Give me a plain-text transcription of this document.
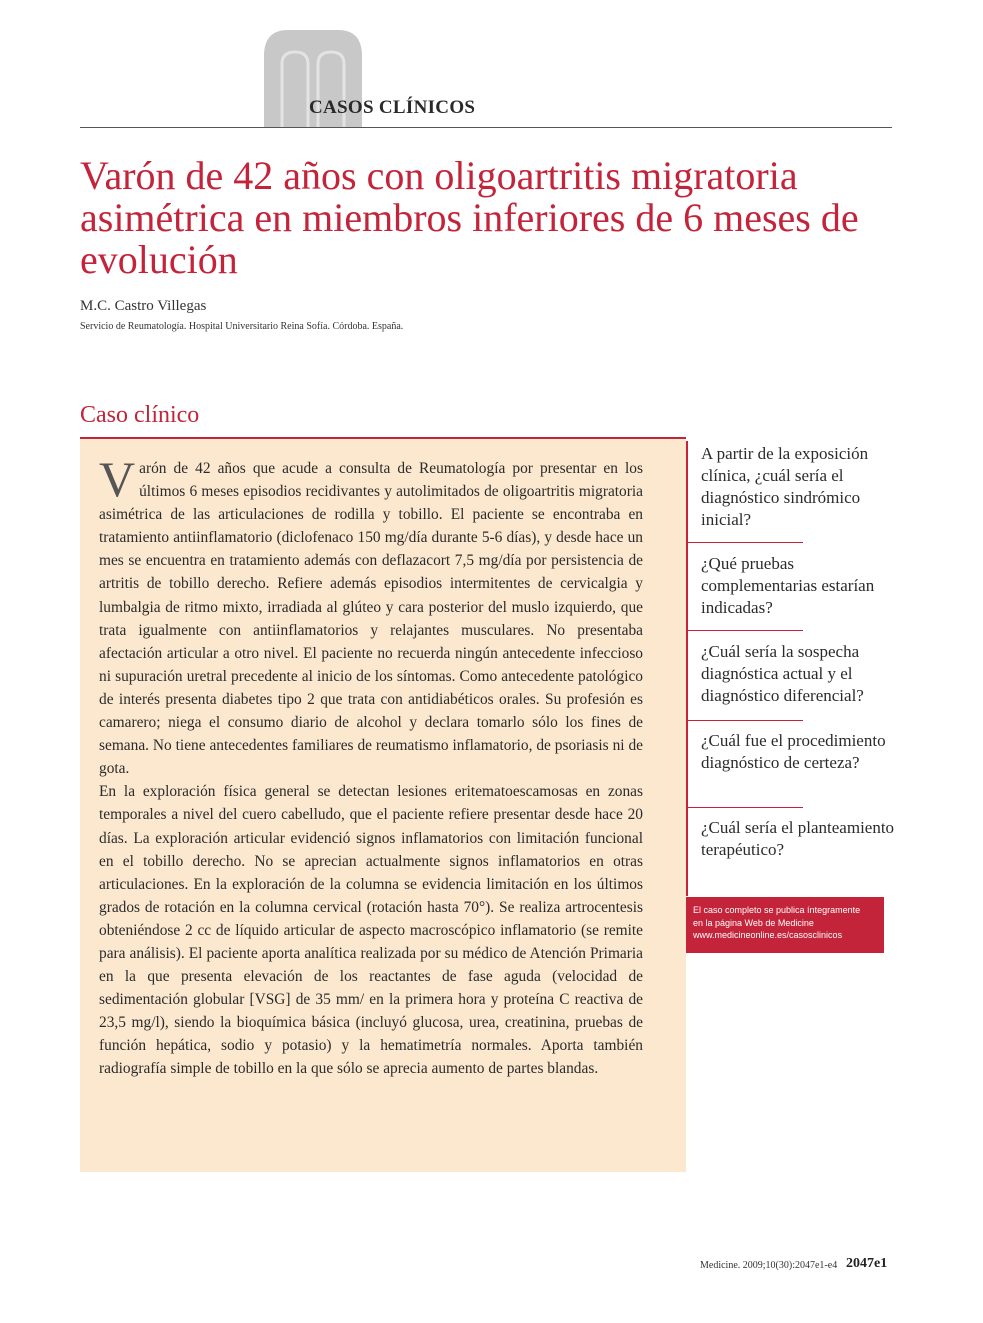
CASOS CLÍNICOS
Varón de 42 años con oligoartritis migratoria asimétrica en miembros inferiores de 6 meses de evolución
M.C. Castro Villegas
Servicio de Reumatología. Hospital Universitario Reina Sofía. Córdoba. España.
Caso clínico

Varón de 42 años que acude a consulta de Reumatología por presentar en los últimos 6 meses episodios recidivantes y autolimitados de oligoartritis migratoria asimétrica de las articulaciones de rodilla y tobillo. El paciente se encontraba en tratamiento antiinflamatorio (diclofenaco 150 mg/día durante 5-6 días), y desde hace un mes se encuentra en tratamiento además con deflazacort 7,5 mg/día por persistencia de artritis de tobillo derecho. Refiere además episodios intermitentes de cervicalgia y lumbalgia de ritmo mixto, irradiada al glúteo y cara posterior del muslo izquierdo, que trata igualmente con antiinflamatorios y relajantes musculares. No presentaba afectación articular a otro nivel. El paciente no recuerda ningún antecedente infeccioso ni supuración uretral precedente al inicio de los síntomas. Como antecedente patológico de interés presenta diabetes tipo 2 que trata con antidiabéticos orales. Su profesión es camarero; niega el consumo diario de alcohol y declara tomarlo sólo los fines de semana. No tiene antecedentes familiares de reumatismo inflamatorio, de psoriasis ni de gota.

En la exploración física general se detectan lesiones eritematoescamosas en zonas temporales a nivel del cuero cabelludo, que el paciente refiere presentar desde hace 20 días. La exploración articular evidenció signos inflamatorios con limitación funcional en el tobillo derecho. No se aprecian actualmente signos inflamatorios en otras articulaciones. En la exploración de la columna se evidencia limitación en los últimos grados de rotación en la columna cervical (rotación hasta 70°). Se realiza artrocentesis obteniéndose 2 cc de líquido articular de aspecto macroscópico inflamatorio (se remite para análisis). El paciente aporta analítica realizada por su médico de Atención Primaria en la que presenta elevación de los reactantes de fase aguda (velocidad de sedimentación globular [VSG] de 35 mm/ en la primera hora y proteína C reactiva de 23,5 mg/l), siendo la bioquímica básica (incluyó glucosa, urea, creatinina, pruebas de función hepática, sodio y potasio) y la hematimetría normales. Aporta también radiografía simple de tobillo en la que sólo se aprecia aumento de partes blandas.

A partir de la exposición clínica, ¿cuál sería el diagnóstico sindrómico inicial?
¿Qué pruebas complementarias estarían indicadas?
¿Cuál sería la sospecha diagnóstica actual y el diagnóstico diferencial?
¿Cuál fue el procedimiento diagnóstico de certeza?
¿Cuál sería el planteamiento terapéutico?
El caso completo se publica íntegramente
en la página Web de Medicine
www.medicineonline.es/casosclinicos
Medicine. 2009;10(30):2047e1-e4 2047e1
